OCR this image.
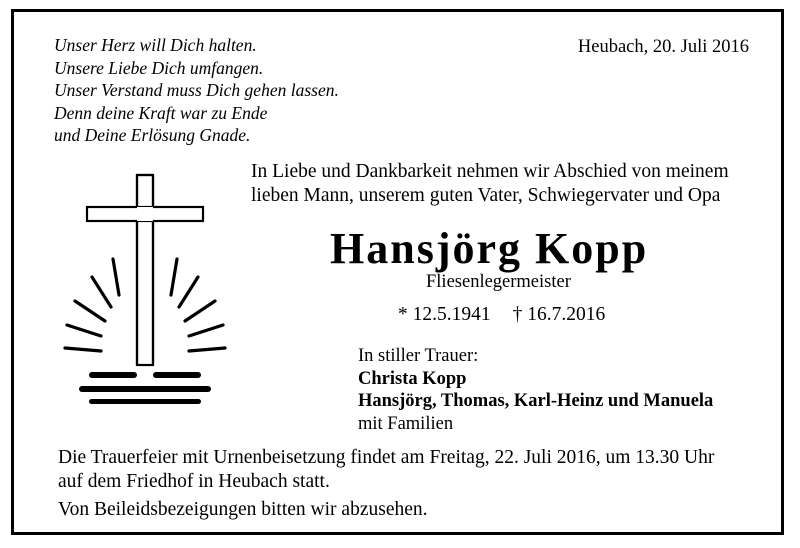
Unser Herz will Dich halten.
Unsere Liebe Dich umfangen.
Unser Verstand muss Dich gehen lassen.
Denn deine Kraft war zu Ende
und Deine Erlösung Gnade.
Heubach, 20. Juli 2016
In Liebe und Dankbarkeit nehmen wir Abschied von meinem
lieben Mann, unserem guten Vater, Schwiegervater und Opa
Hansjörg Kopp
Fliesenlegermeister
* 12.5.1941 † 16.7.2016
In stiller Trauer:
Christa Kopp
Hansjörg, Thomas, Karl-Heinz und Manuela
mit Familien
Die Trauerfeier mit Urnenbeisetzung findet am Freitag, 22. Juli 2016, um 13.30 Uhr
auf dem Friedhof in Heubach statt.
Von Beileidsbezeigungen bitten wir abzusehen.
